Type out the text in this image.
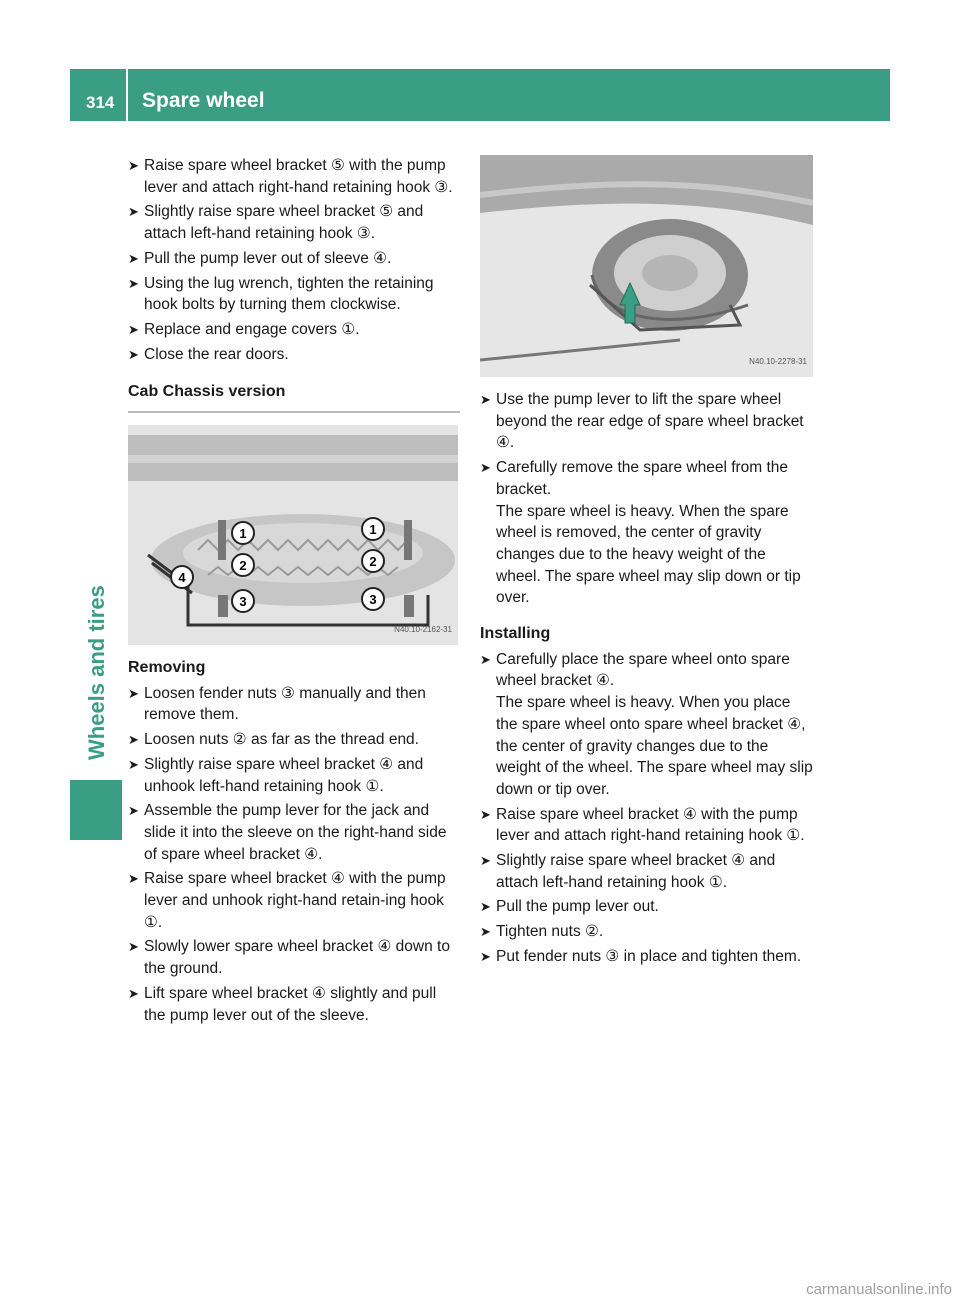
314 Spare wheel
Wheels and tires
➤ Raise spare wheel bracket ⑤ with the pump lever and attach right-hand retaining hook ③.
➤ Slightly raise spare wheel bracket ⑤ and attach left-hand retaining hook ③.
➤ Pull the pump lever out of sleeve ④.
➤ Using the lug wrench, tighten the retaining hook bolts by turning them clockwise.
➤ Replace and engage covers ①.
➤ Close the rear doors.
Cab Chassis version
1
2
3
4
1
2
3
N40.10-2162-31
Removing
➤ Loosen fender nuts ③ manually and then remove them.
➤ Loosen nuts ② as far as the thread end.
➤ Slightly raise spare wheel bracket ④ and unhook left-hand retaining hook ①.
➤ Assemble the pump lever for the jack and slide it into the sleeve on the right-hand side of spare wheel bracket ④.
➤ Raise spare wheel bracket ④ with the pump lever and unhook right-hand retain-ing hook ①.
➤ Slowly lower spare wheel bracket ④ down to the ground.
➤ Lift spare wheel bracket ④ slightly and pull the pump lever out of the sleeve.
N40.10-2278-31
➤ Use the pump lever to lift the spare wheel beyond the rear edge of spare wheel bracket ④.
➤ Carefully remove the spare wheel from the bracket.
The spare wheel is heavy. When the spare wheel is removed, the center of gravity changes due to the heavy weight of the wheel. The spare wheel may slip down or tip over.
Installing
➤ Carefully place the spare wheel onto spare wheel bracket ④.
The spare wheel is heavy. When you place the spare wheel onto spare wheel bracket ④, the center of gravity changes due to the weight of the wheel. The spare wheel may slip down or tip over.
➤ Raise spare wheel bracket ④ with the pump lever and attach right-hand retaining hook ①.
➤ Slightly raise spare wheel bracket ④ and attach left-hand retaining hook ①.
➤ Pull the pump lever out.
➤ Tighten nuts ②.
➤ Put fender nuts ③ in place and tighten them.
carmanualsonline.info
